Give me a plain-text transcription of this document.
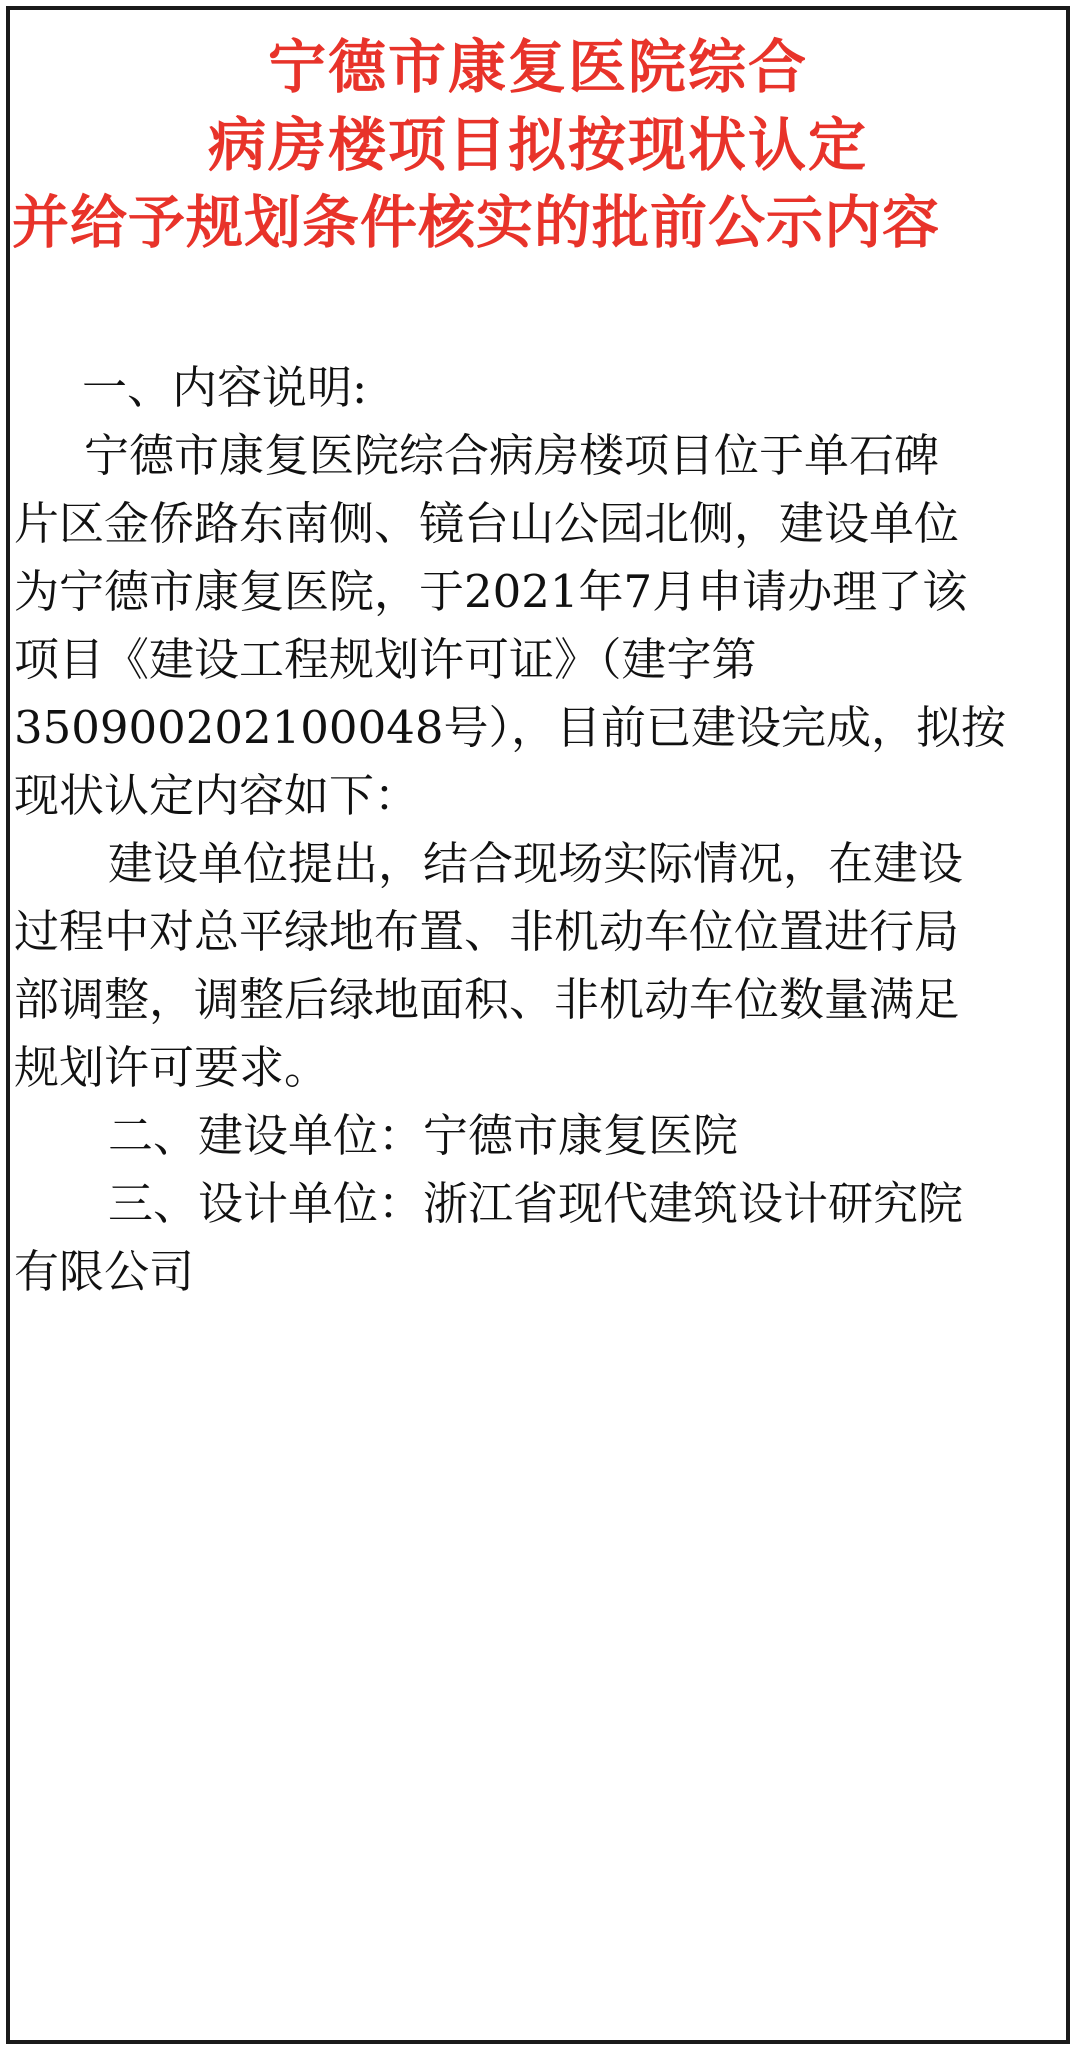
宁德市康复医院综合
病房楼项目拟按现状认定
并给予规划条件核实的批前公示内容

一、内容说明:

宁德市康复医院综合病房楼项目位于单石碑

片区金侨路东南侧、镜台山公园北侧，建设单位

为宁德市康复医院，于2021年7月申请办理了该

项目《建设工程规划许可证》（建字第

350900202100048号），目前已建设完成，拟按

现状认定内容如下：

建设单位提出，结合现场实际情况，在建设

过程中对总平绿地布置、非机动车位位置进行局

部调整，调整后绿地面积、非机动车位数量满足

规划许可要求。

二、建设单位：宁德市康复医院

三、设计单位：浙江省现代建筑设计研究院

有限公司
